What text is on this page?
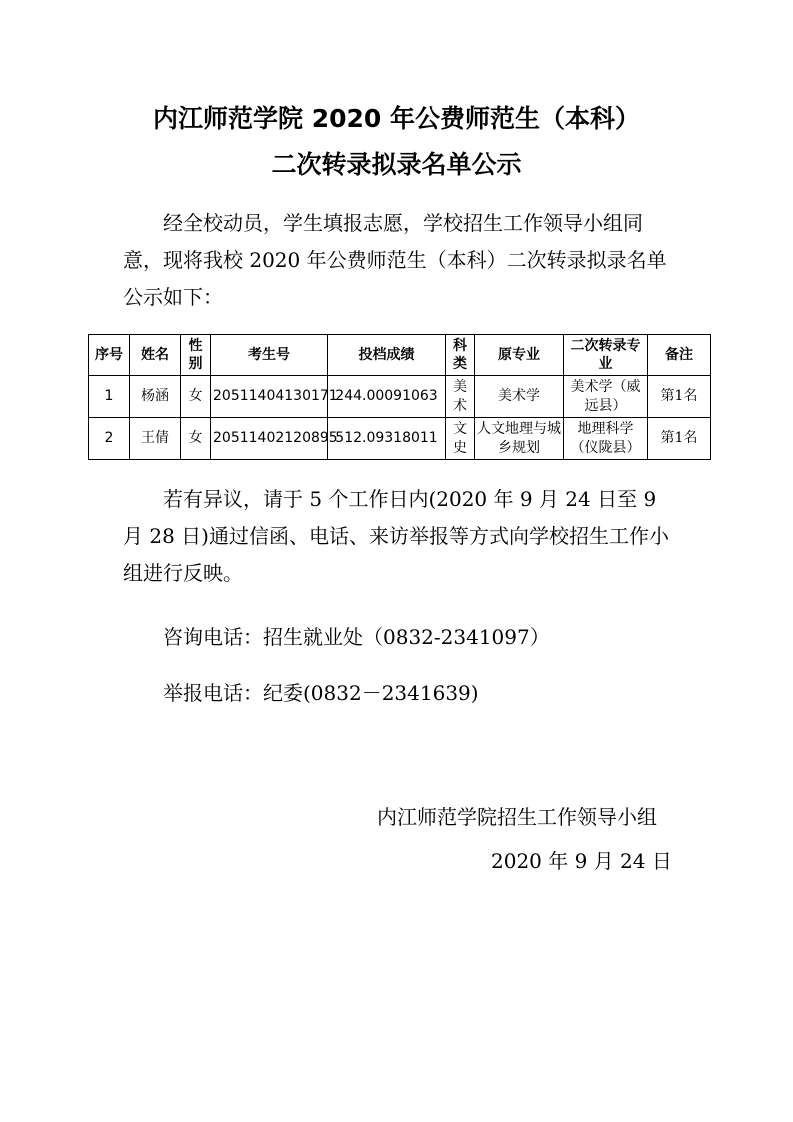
内江师范学院 2020 年公费师范生（本科）
二次转录拟录名单公示
经全校动员，学生填报志愿，学校招生工作领导小组同意，现将我校 2020 年公费师范生（本科）二次转录拟录名单公示如下：
序号	姓名	性别	考生号	投档成绩	科类	原专业	二次转录专业	备注
1	杨涵	女	20511404130171	244.00091063	美术	美术学	美术学（威远县）	第1名
2	王倩	女	20511402120895	512.09318011	文史	人文地理与城乡规划	地理科学（仪陇县）	第1名
若有异议，请于 5 个工作日内(2020 年 9 月 24 日至 9 月 28 日)通过信函、电话、来访举报等方式向学校招生工作小组进行反映。
咨询电话：招生就业处（0832-2341097）
举报电话：纪委(0832－2341639)
内江师范学院招生工作领导小组
2020 年 9 月 24 日
